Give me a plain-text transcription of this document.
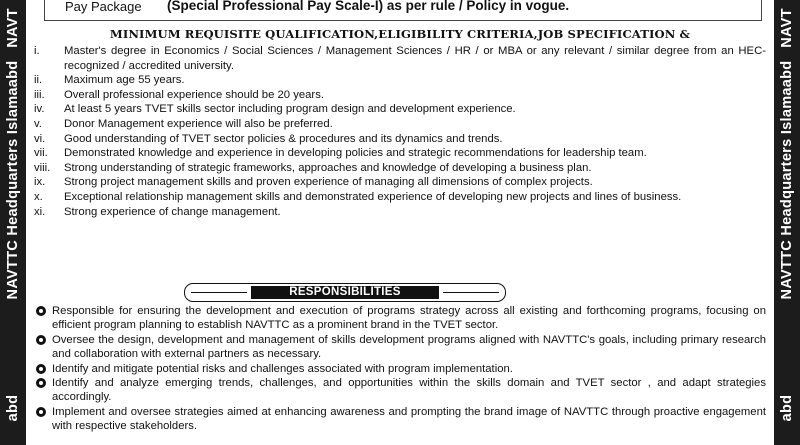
NAVT
NAVTTC Headquarters Islamaabd
abd
NAVT
NAVTTC Headquarters Islamaabd
abd
Pay Package (Special Professional Pay Scale-I) as per rule / Policy in vogue.
MINIMUM REQUISITE QUALIFICATION,ELIGIBILITY CRITERIA,JOB SPECIFICATION &
i. Master's degree in Economics / Social Sciences / Management Sciences / HR / or MBA or any relevant / similar degree from an HEC-recognized / accredited university.
ii. Maximum age 55 years.
iii. Overall professional experience should be 20 years.
iv. At least 5 years TVET skills sector including program design and development experience.
v. Donor Management experience will also be preferred.
vi. Good understanding of TVET sector policies & procedures and its dynamics and trends.
vii. Demonstrated knowledge and experience in developing policies and strategic recommendations for leadership team.
viii. Strong understanding of strategic frameworks, approaches and knowledge of developing a business plan.
ix. Strong project management skills and proven experience of managing all dimensions of complex projects.
x. Exceptional relationship management skills and demonstrated experience of developing new projects and lines of business.
xi. Strong experience of change management.
RESPONSIBILITIES
Responsible for ensuring the development and execution of programs strategy across all existing and forthcoming programs, focusing on efficient program planning to establish NAVTTC as a prominent brand in the TVET sector.
Oversee the design, development and management of skills development programs aligned with NAVTTC's goals, including primary research and collaboration with external partners as necessary.
Identify and mitigate potential risks and challenges associated with program implementation.
Identify and analyze emerging trends, challenges, and opportunities within the skills domain and TVET sector , and adapt strategies accordingly.
Implement and oversee strategies aimed at enhancing awareness and prompting the brand image of NAVTTC through proactive engagement with respective stakeholders.
